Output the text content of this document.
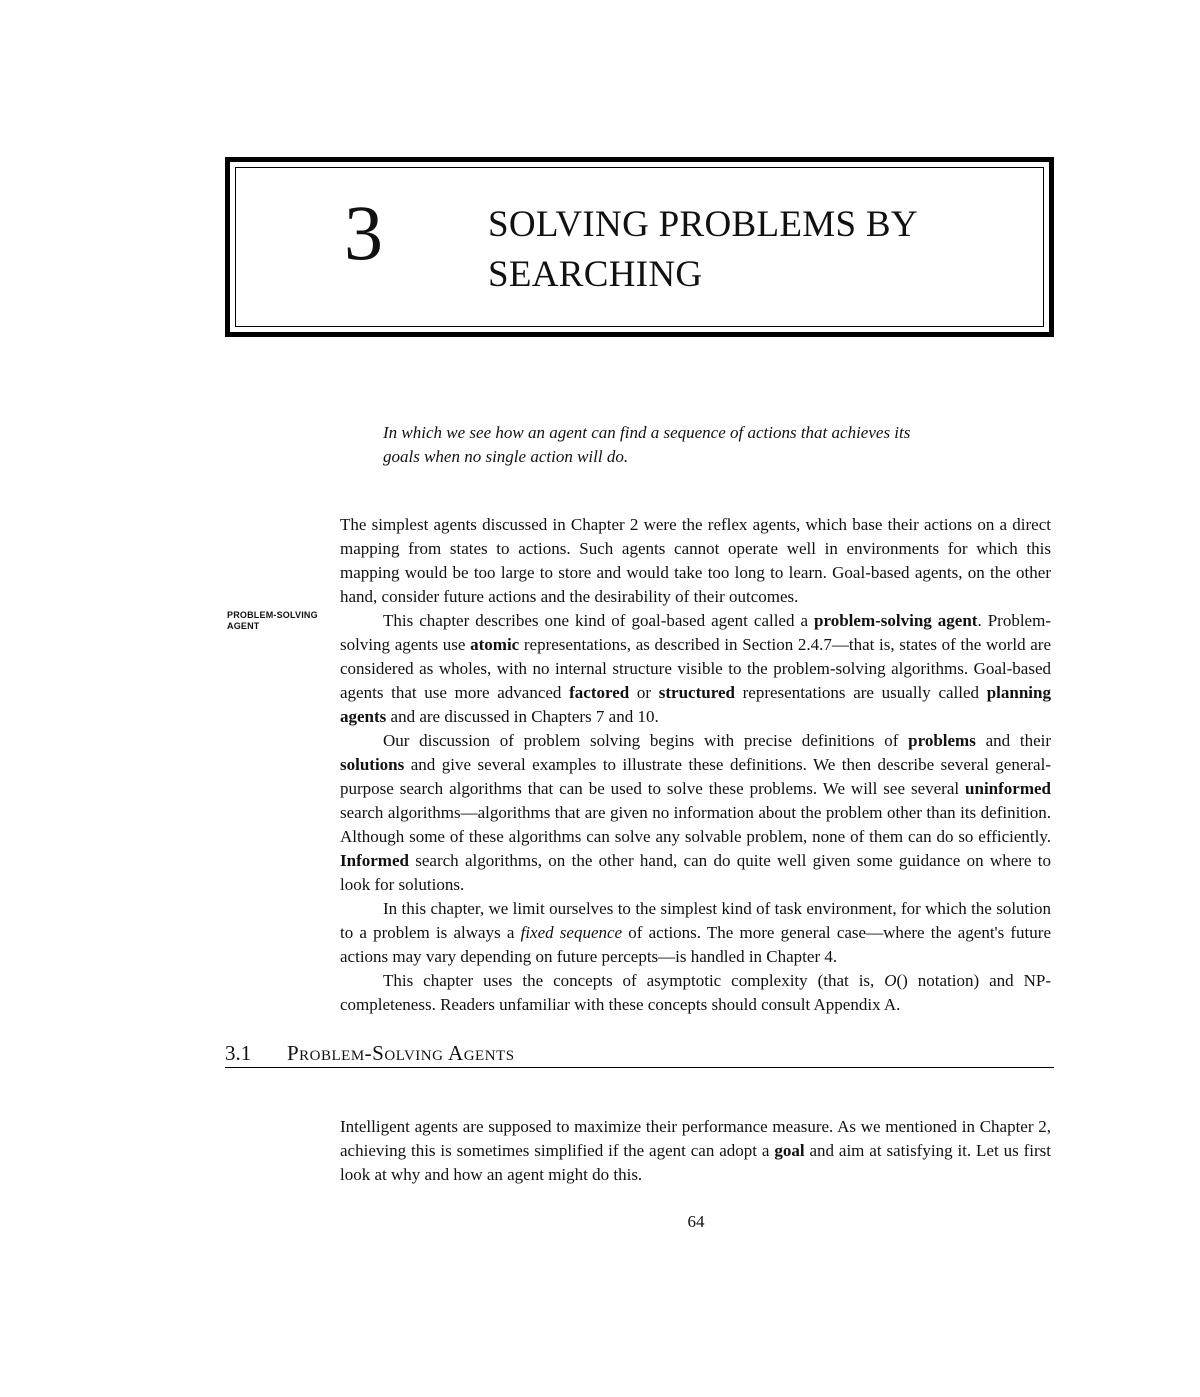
3	SOLVING PROBLEMS BY
SEARCHING
In which we see how an agent can find a sequence of actions that achieves its
goals when no single action will do.
PROBLEM-SOLVING
AGENT

The simplest agents discussed in Chapter 2 were the reflex agents, which base their actions on a direct mapping from states to actions. Such agents cannot operate well in environments for which this mapping would be too large to store and would take too long to learn. Goal-based agents, on the other hand, consider future actions and the desirability of their outcomes.

This chapter describes one kind of goal-based agent called a problem-solving agent. Problem-solving agents use atomic representations, as described in Section 2.4.7—that is, states of the world are considered as wholes, with no internal structure visible to the problem-solving algorithms. Goal-based agents that use more advanced factored or structured representations are usually called planning agents and are discussed in Chapters 7 and 10.

Our discussion of problem solving begins with precise definitions of problems and their solutions and give several examples to illustrate these definitions. We then describe several general-purpose search algorithms that can be used to solve these problems. We will see several uninformed search algorithms—algorithms that are given no information about the problem other than its definition. Although some of these algorithms can solve any solvable problem, none of them can do so efficiently. Informed search algorithms, on the other hand, can do quite well given some guidance on where to look for solutions.

In this chapter, we limit ourselves to the simplest kind of task environment, for which the solution to a problem is always a fixed sequence of actions. The more general case—where the agent's future actions may vary depending on future percepts—is handled in Chapter 4.

This chapter uses the concepts of asymptotic complexity (that is, O() notation) and NP-completeness. Readers unfamiliar with these concepts should consult Appendix A.

3.1 Problem-Solving Agents

Intelligent agents are supposed to maximize their performance measure. As we mentioned in Chapter 2, achieving this is sometimes simplified if the agent can adopt a goal and aim at satisfying it. Let us first look at why and how an agent might do this.

64
